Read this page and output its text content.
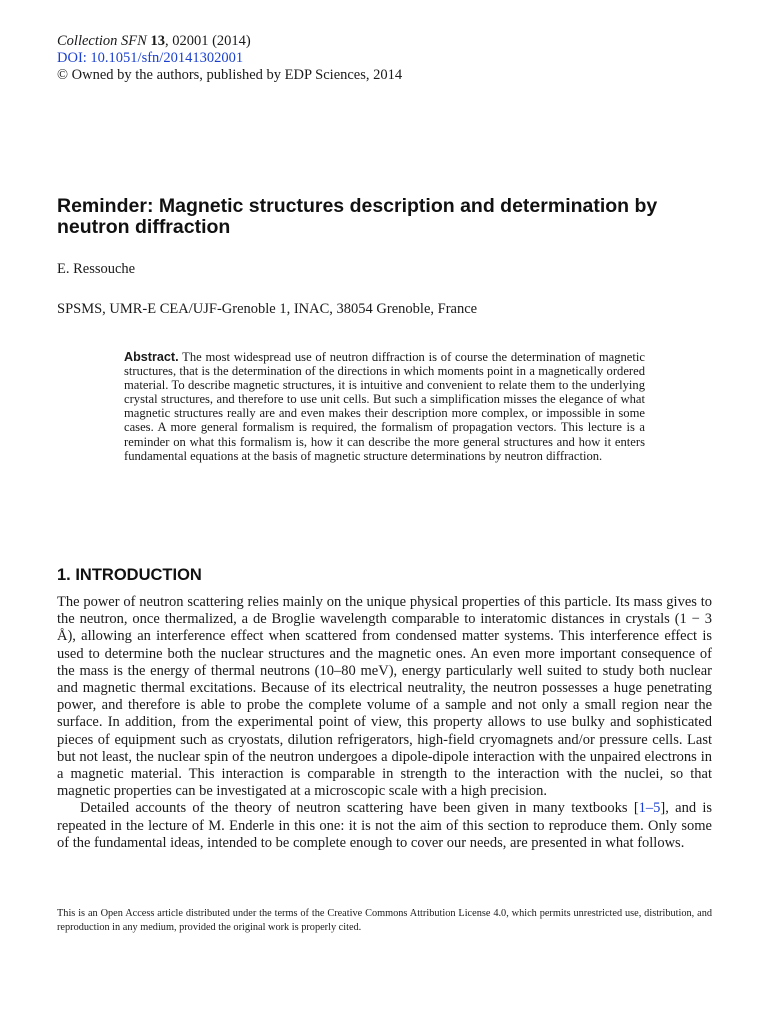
Collection SFN 13, 02001 (2014)
DOI: 10.1051/sfn/20141302001
© Owned by the authors, published by EDP Sciences, 2014
Reminder: Magnetic structures description and determination by neutron diffraction
E. Ressouche
SPSMS, UMR-E CEA/UJF-Grenoble 1, INAC, 38054 Grenoble, France

Abstract. The most widespread use of neutron diffraction is of course the determination of magnetic structures, that is the determination of the directions in which moments point in a magnetically ordered material. To describe magnetic structures, it is intuitive and convenient to relate them to the underlying crystal structures, and therefore to use unit cells. But such a simplification misses the elegance of what magnetic structures really are and even makes their description more complex, or impossible in some cases. A more general formalism is required, the formalism of propagation vectors. This lecture is a reminder on what this formalism is, how it can describe the more general structures and how it enters fundamental equations at the basis of magnetic structure determinations by neutron diffraction.

1. INTRODUCTION

The power of neutron scattering relies mainly on the unique physical properties of this particle. Its mass gives to the neutron, once thermalized, a de Broglie wavelength comparable to interatomic distances in crystals (1 − 3 Å), allowing an interference effect when scattered from condensed matter systems. This interference effect is used to determine both the nuclear structures and the magnetic ones. An even more important consequence of the mass is the energy of thermal neutrons (10–80 meV), energy particularly well suited to study both nuclear and magnetic thermal excitations. Because of its electrical neutrality, the neutron possesses a huge penetrating power, and therefore is able to probe the complete volume of a sample and not only a small region near the surface. In addition, from the experimental point of view, this property allows to use bulky and sophisticated pieces of equipment such as cryostats, dilution refrigerators, high-field cryomagnets and/or pressure cells. Last but not least, the nuclear spin of the neutron undergoes a dipole-dipole interaction with the unpaired electrons in a magnetic material. This interaction is comparable in strength to the interaction with the nuclei, so that magnetic properties can be investigated at a microscopic scale with a high precision.

Detailed accounts of the theory of neutron scattering have been given in many textbooks [1–5], and is repeated in the lecture of M. Enderle in this one: it is not the aim of this section to reproduce them. Only some of the fundamental ideas, intended to be complete enough to cover our needs, are presented in what follows.

This is an Open Access article distributed under the terms of the Creative Commons Attribution License 4.0, which permits unrestricted use, distribution, and reproduction in any medium, provided the original work is properly cited.
